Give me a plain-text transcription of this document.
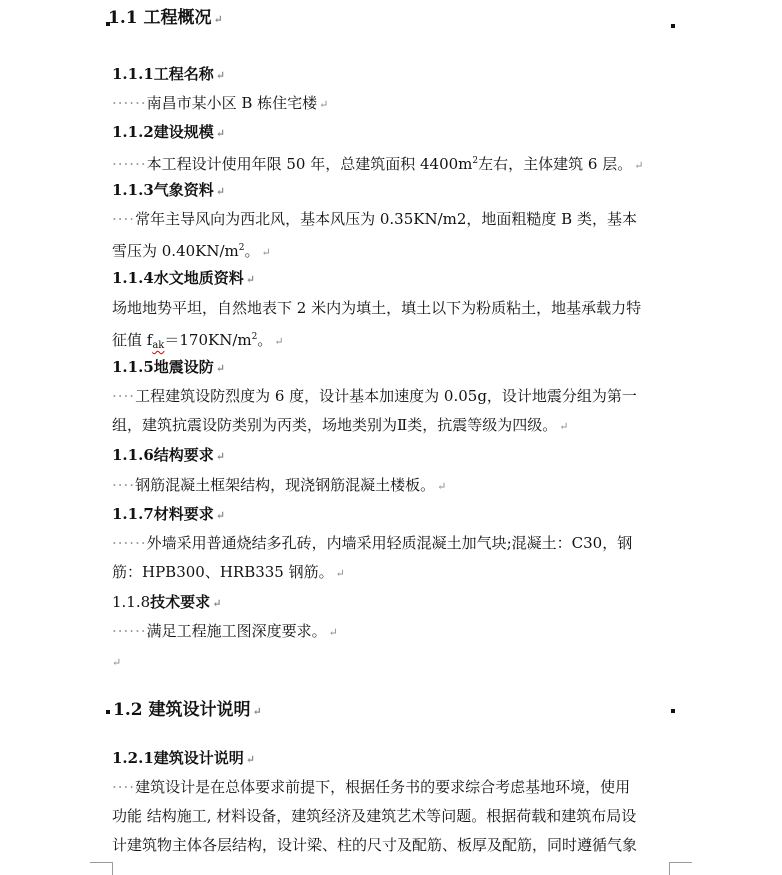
1.1 工程概况 ↵
1.1.1工程名称 ↵
······南昌市某小区 B 栋住宅楼 ↵
1.1.2建设规模 ↵
······本工程设计使用年限 50 年，总建筑面积 $4400m^2$左右，主体建筑 6 层。 ↵
1.1.3气象资料 ↵
····常年主导风向为西北风，基本风压为 0.35KN/m2，地面粗糙度 B 类，基本
雪压为 $0.40KN/m^2$。 ↵
1.1.4水文地质资料 ↵
场地地势平坦，自然地表下 2 米内为填土，填土以下为粉质粘土，地基承载力特
征值 $f_{ak}=170KN/m^2$。 ↵
1.1.5地震设防 ↵
····工程建筑设防烈度为 6 度，设计基本加速度为 0.05g，设计地震分组为第一
组，建筑抗震设防类别为丙类，场地类别为Ⅱ类，抗震等级为四级。 ↵
1.1.6结构要求 ↵
····钢筋混凝土框架结构，现浇钢筋混凝土楼板。 ↵
1.1.7材料要求 ↵
······外墙采用普通烧结多孔砖，内墙采用轻质混凝土加气块;混凝土：C30，钢
筋：HPB300、HRB335 钢筋。 ↵
1.1.8技术要求 ↵
······满足工程施工图深度要求。 ↵
↵
1.2 建筑设计说明 ↵
1.2.1建筑设计说明 ↵
····建筑设计是在总体要求前提下，根据任务书的要求综合考虑基地环境，使用
功能 结构施工, 材料设备，建筑经济及建筑艺术等问题。根据荷载和建筑布局设
计建筑物主体各层结构，设计梁、柱的尺寸及配筋、板厚及配筋，同时遵循气象
